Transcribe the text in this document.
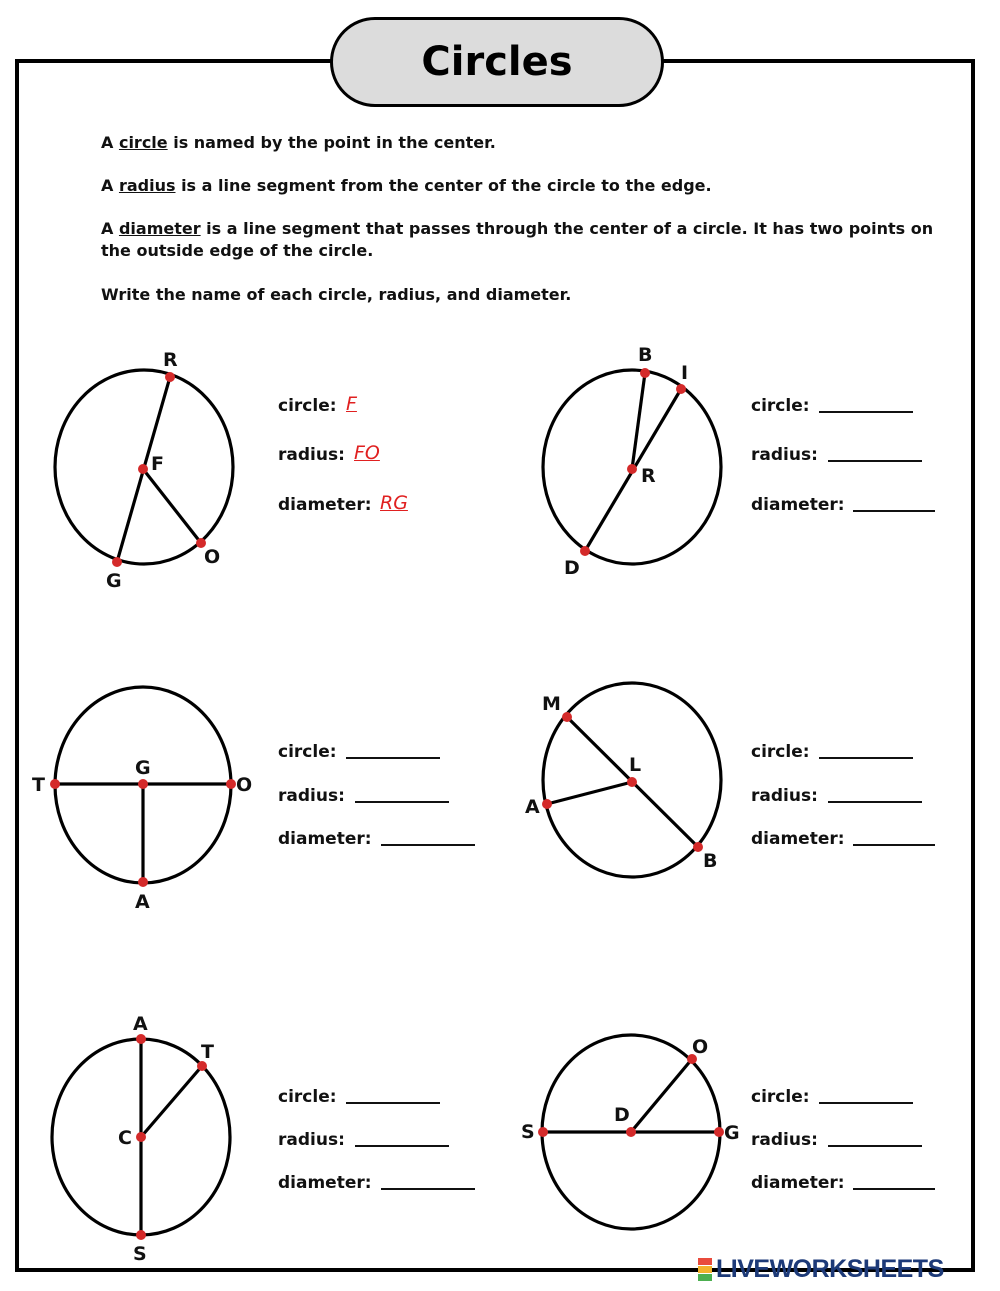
Circles
A circle is named by the point in the center.
A radius is a line segment from the center of the circle to the edge.
A diameter is a line segment that passes through the center of a circle. It has two points on the outside edge of the circle.
Write the name of each circle, radius, and diameter.
R
F
O
G
B
I
R
D
T
G
O
A
M
L
A
B
A
T
C
S
O
D
S	G
circle: F
radius: FO
diameter: RG
circle:
radius:
diameter:
circle:
radius:
diameter:
circle:
radius:
diameter:
circle:
radius:
diameter:
circle:
radius:
diameter:
LIVEWORKSHEETS
